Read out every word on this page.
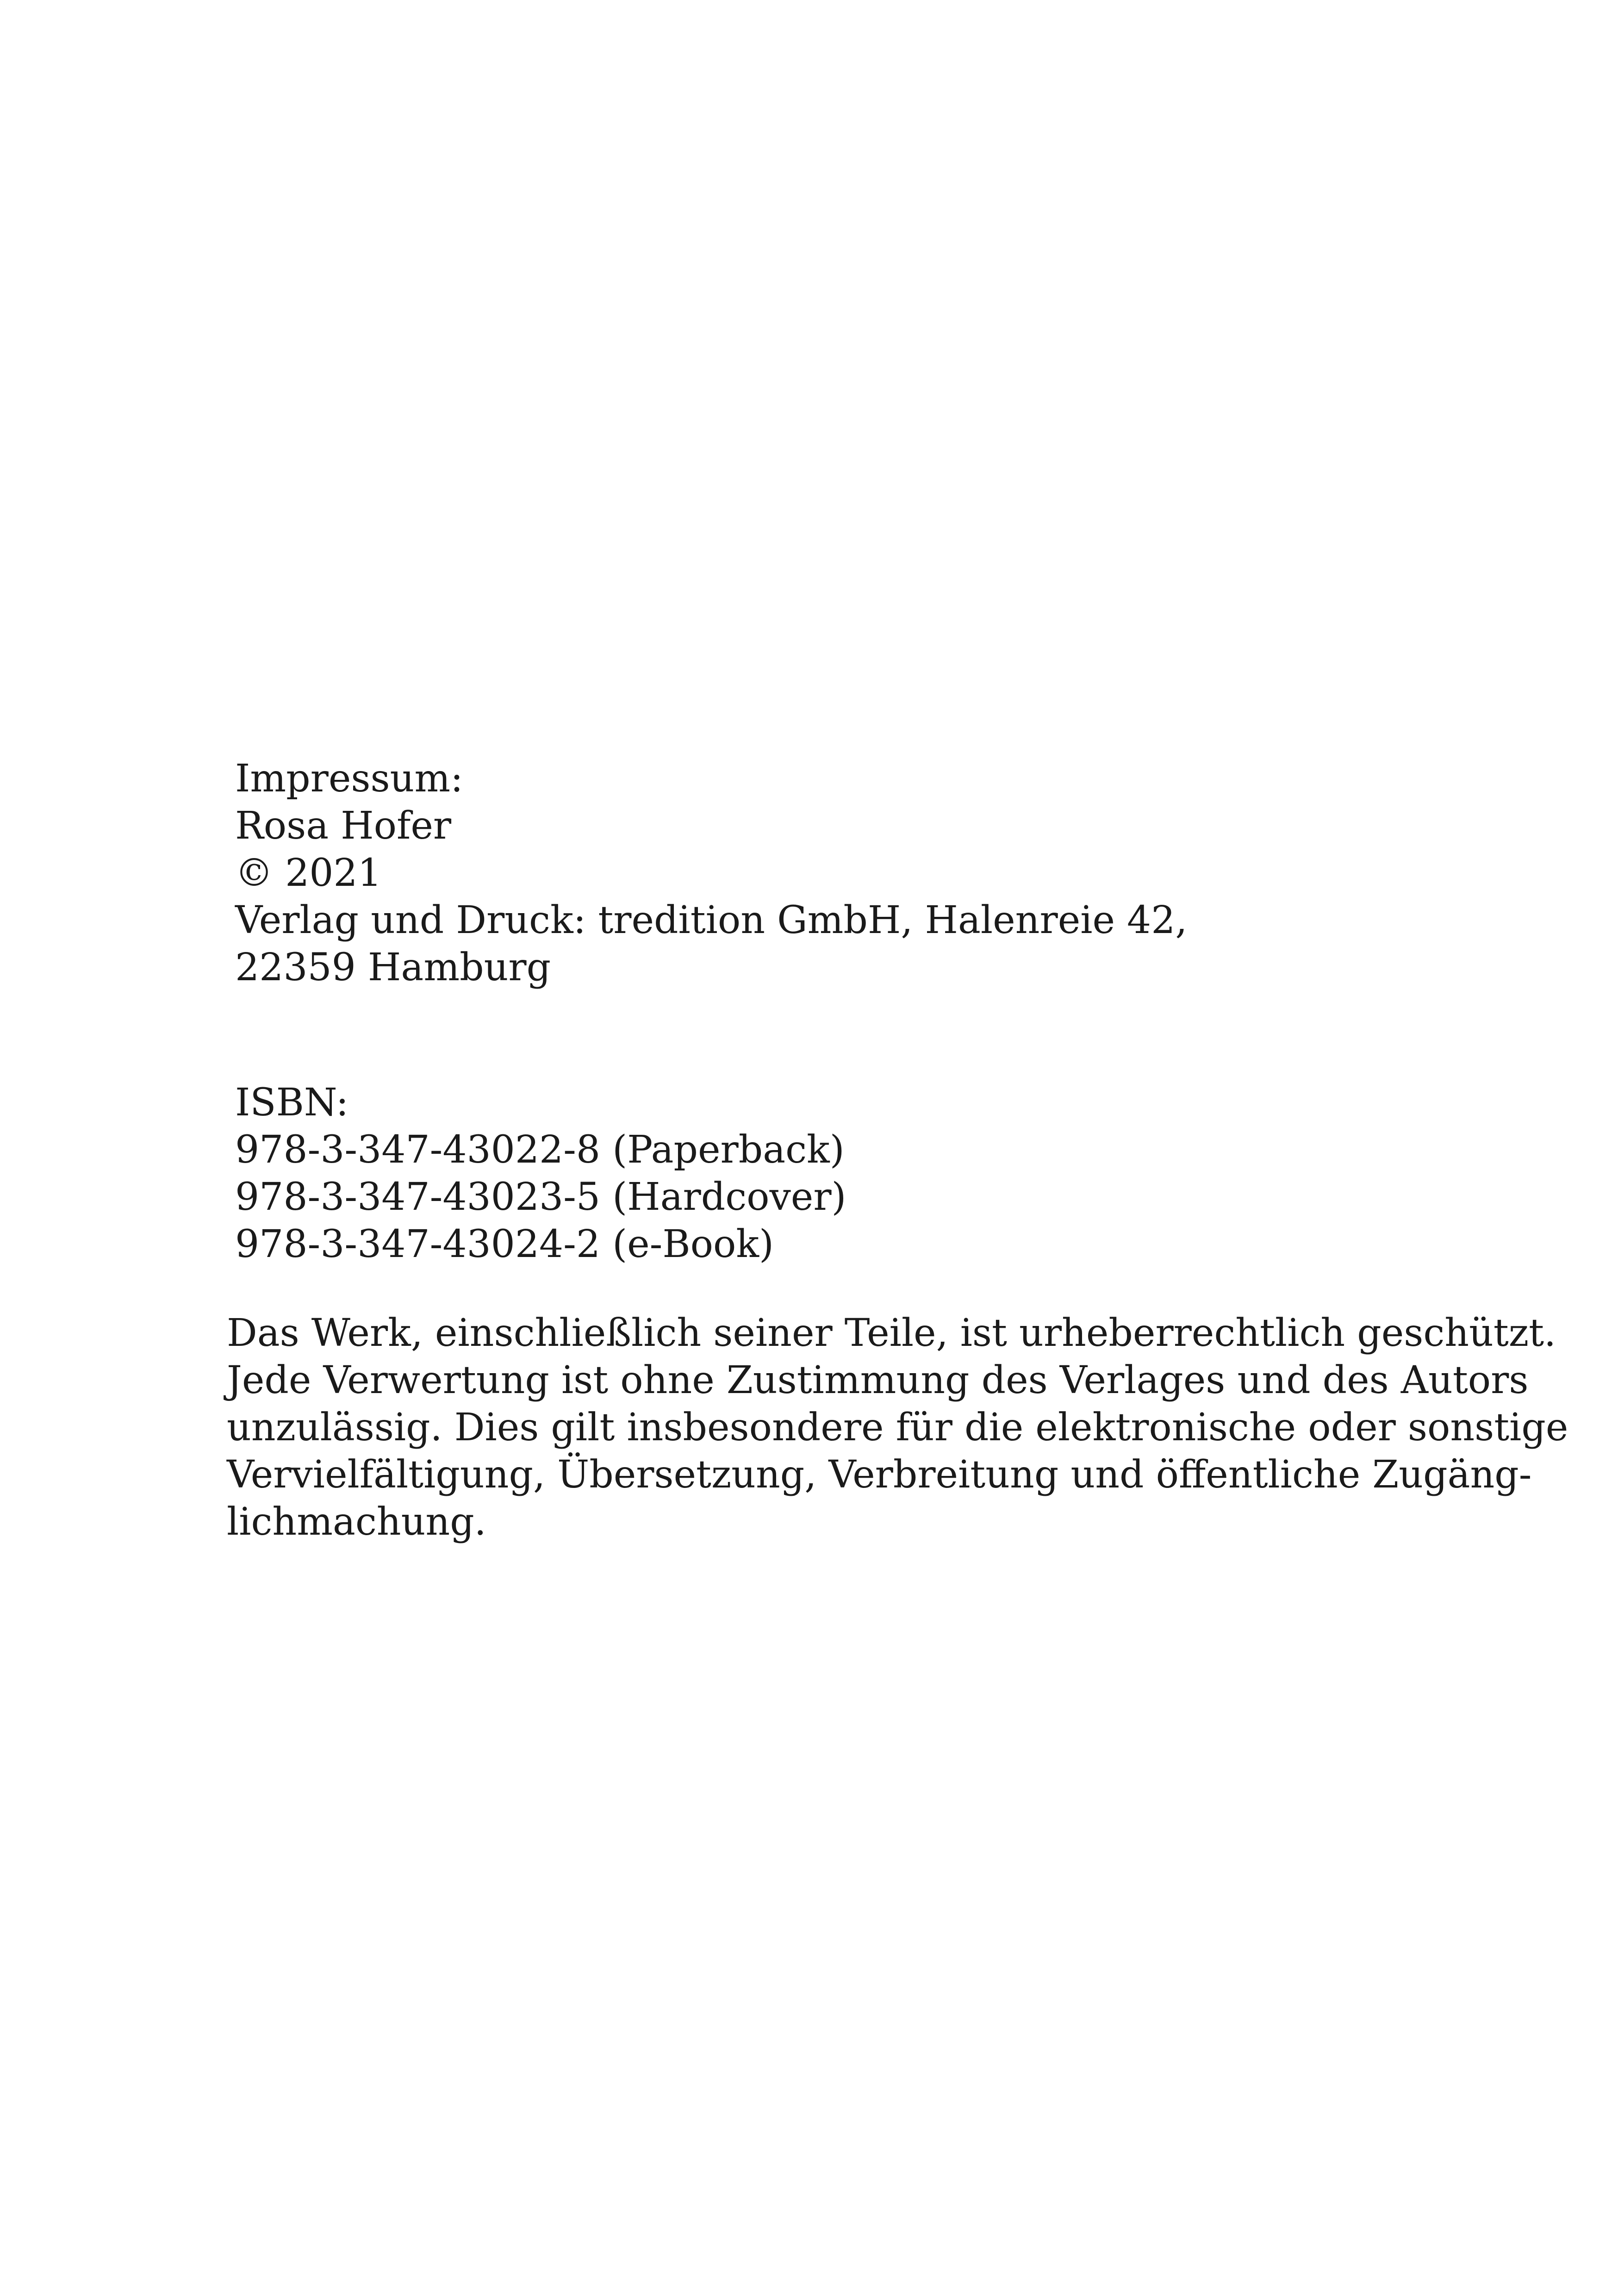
Impressum:
Rosa Hofer
© 2021
Verlag und Druck: tredition GmbH, Halenreie 42,
22359 Hamburg
ISBN:
978-3-347-43022-8 (Paperback)
978-3-347-43023-5 (Hardcover)
978-3-347-43024-2 (e-Book)
Das Werk, einschließlich seiner Teile, ist urheberrechtlich geschützt.
Jede Verwertung ist ohne Zustimmung des Verlages und des Autors
unzulässig. Dies gilt insbesondere für die elektronische oder sonstige
Vervielfältigung, Übersetzung, Verbreitung und öffentliche Zugäng-
lichmachung.
